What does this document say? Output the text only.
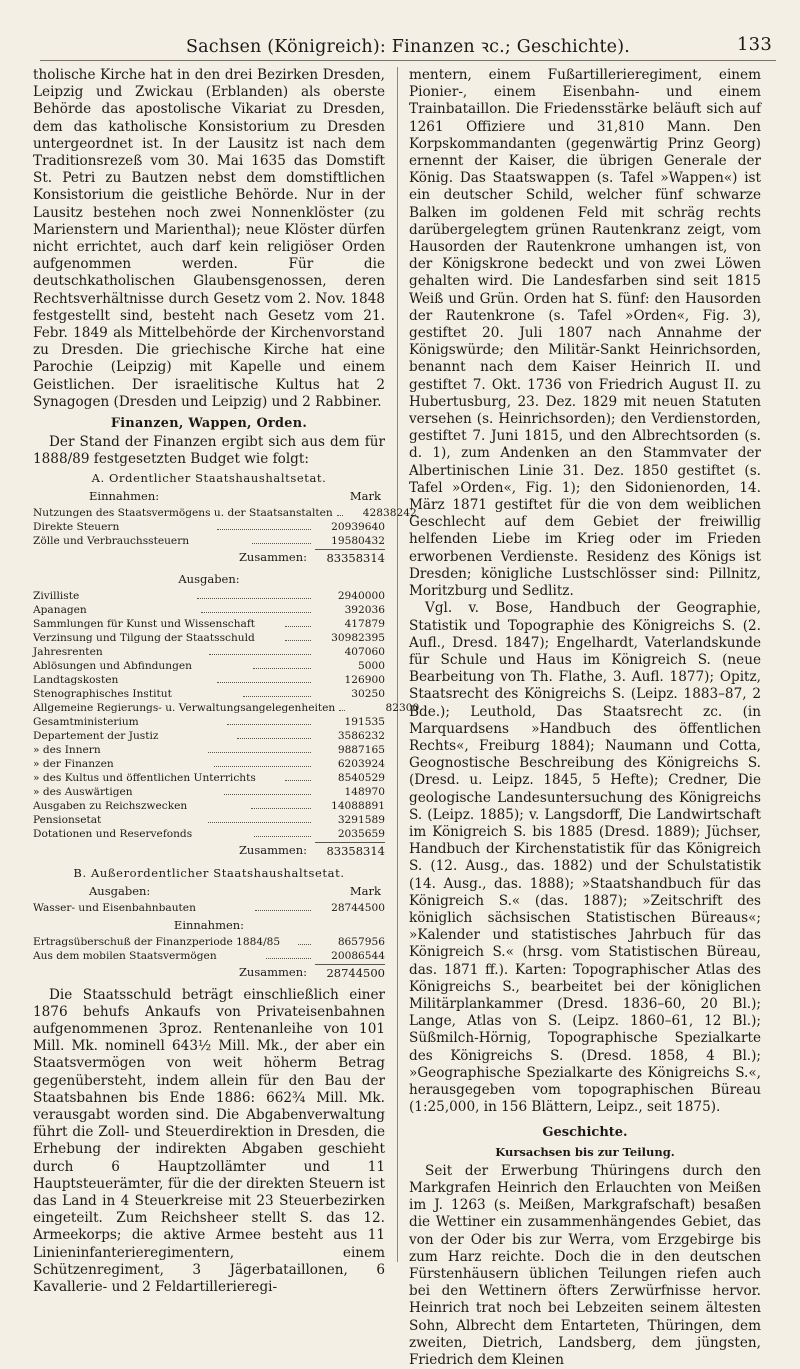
Sachsen (Königreich): Finanzen ꝛc.; Geschichte).	133

tholische Kirche hat in den drei Bezirken Dresden, Leipzig und Zwickau (Erblanden) als oberste Behörde das apostolische Vikariat zu Dresden, dem das katholische Konsistorium zu Dresden untergeordnet ist. In der Lausitz ist nach dem Traditionsrezeß vom 30. Mai 1635 das Domstift St. Petri zu Bautzen nebst dem domstiftlichen Konsistorium die geistliche Behörde. Nur in der Lausitz bestehen noch zwei Nonnenklöster (zu Marienstern und Marienthal); neue Klöster dürfen nicht errichtet, auch darf kein religiöser Orden aufgenommen werden. Für die deutschkatholischen Glaubensgenossen, deren Rechtsverhältnisse durch Gesetz vom 2. Nov. 1848 festgestellt sind, besteht nach Gesetz vom 21. Febr. 1849 als Mittelbehörde der Kirchenvorstand zu Dresden. Die griechische Kirche hat eine Parochie (Leipzig) mit Kapelle und einem Geistlichen. Der israelitische Kultus hat 2 Synagogen (Dresden und Leipzig) und 2 Rabbiner.

Finanzen, Wappen, Orden.

Der Stand der Finanzen ergibt sich aus dem für 1888/89 festgesetzten Budget wie folgt:

A. Ordentlicher Staatshaushaltsetat.
Einnahmen:	Mark
Nutzungen des Staatsvermögens u. der Staatsanstalten	42838242
Direkte Steuern	20939640
Zölle und Verbrauchssteuern	19580432
Zusammen:	83358314
Ausgaben:
Zivilliste	2940000
Apanagen	392036
Sammlungen für Kunst und Wissenschaft	417879
Verzinsung und Tilgung der Staatsschuld	30982395
Jahresrenten	407060
Ablösungen und Abfindungen	5000
Landtagskosten	126900
Stenographisches Institut	30250
Allgemeine Regierungs- u. Verwaltungsangelegenheiten	82300
Gesamtministerium	191535
Departement der Justiz	3586232
» des Innern	9887165
» der Finanzen	6203924
» des Kultus und öffentlichen Unterrichts	8540529
» des Auswärtigen	148970
Ausgaben zu Reichszwecken	14088891
Pensionsetat	3291589
Dotationen und Reservefonds	2035659
Zusammen:	83358314
B. Außerordentlicher Staatshaushaltsetat.
Ausgaben:	Mark
Wasser- und Eisenbahnbauten	28744500
Einnahmen:
Ertragsüberschuß der Finanzperiode 1884/85	8657956
Aus dem mobilen Staatsvermögen	20086544
Zusammen:	28744500

Die Staatsschuld beträgt einschließlich einer 1876 behufs Ankaufs von Privateisenbahnen aufgenommenen 3proz. Rentenanleihe von 101 Mill. Mk. nominell 643½ Mill. Mk., der aber ein Staatsvermögen von weit höherm Betrag gegenübersteht, indem allein für den Bau der Staatsbahnen bis Ende 1886: 662¾ Mill. Mk. verausgabt worden sind. Die Abgabenverwaltung führt die Zoll- und Steuerdirektion in Dresden, die Erhebung der indirekten Abgaben geschieht durch 6 Hauptzollämter und 11 Hauptsteuerämter, für die der direkten Steuern ist das Land in 4 Steuerkreise mit 23 Steuerbezirken eingeteilt. Zum Reichsheer stellt S. das 12. Armeekorps; die aktive Armee besteht aus 11 Linieninfanterieregimentern, einem Schützenregiment, 3 Jägerbataillonen, 6 Kavallerie- und 2 Feldartillerieregi-

mentern, einem Fußartillerieregiment, einem Pionier-, einem Eisenbahn- und einem Trainbataillon. Die Friedensstärke beläuft sich auf 1261 Offiziere und 31,810 Mann. Den Korpskommandanten (gegenwärtig Prinz Georg) ernennt der Kaiser, die übrigen Generale der König. Das Staatswappen (s. Tafel »Wappen«) ist ein deutscher Schild, welcher fünf schwarze Balken im goldenen Feld mit schräg rechts darübergelegtem grünen Rautenkranz zeigt, vom Hausorden der Rautenkrone umhangen ist, von der Königskrone bedeckt und von zwei Löwen gehalten wird. Die Landesfarben sind seit 1815 Weiß und Grün. Orden hat S. fünf: den Hausorden der Rautenkrone (s. Tafel »Orden«, Fig. 3), gestiftet 20. Juli 1807 nach Annahme der Königswürde; den Militär-Sankt Heinrichsorden, benannt nach dem Kaiser Heinrich II. und gestiftet 7. Okt. 1736 von Friedrich August II. zu Hubertusburg, 23. Dez. 1829 mit neuen Statuten versehen (s. Heinrichsorden); den Verdienstorden, gestiftet 7. Juni 1815, und den Albrechtsorden (s. d. 1), zum Andenken an den Stammvater der Albertinischen Linie 31. Dez. 1850 gestiftet (s. Tafel »Orden«, Fig. 1); den Sidonienorden, 14. März 1871 gestiftet für die von dem weiblichen Geschlecht auf dem Gebiet der freiwillig helfenden Liebe im Krieg oder im Frieden erworbenen Verdienste. Residenz des Königs ist Dresden; königliche Lustschlösser sind: Pillnitz, Moritzburg und Sedlitz.

Vgl. v. Bose, Handbuch der Geographie, Statistik und Topographie des Königreichs S. (2. Aufl., Dresd. 1847); Engelhardt, Vaterlandskunde für Schule und Haus im Königreich S. (neue Bearbeitung von Th. Flathe, 3. Aufl. 1877); Opitz, Staatsrecht des Königreichs S. (Leipz. 1883–87, 2 Bde.); Leuthold, Das Staatsrecht zc. (in Marquardsens »Handbuch des öffentlichen Rechts«, Freiburg 1884); Naumann und Cotta, Geognostische Beschreibung des Königreichs S. (Dresd. u. Leipz. 1845, 5 Hefte); Credner, Die geologische Landesuntersuchung des Königreichs S. (Leipz. 1885); v. Langsdorff, Die Landwirtschaft im Königreich S. bis 1885 (Dresd. 1889); Jüchser, Handbuch der Kirchenstatistik für das Königreich S. (12. Ausg., das. 1882) und der Schulstatistik (14. Ausg., das. 1888); »Staatshandbuch für das Königreich S.« (das. 1887); »Zeitschrift des königlich sächsischen Statistischen Büreaus«; »Kalender und statistisches Jahrbuch für das Königreich S.« (hrsg. vom Statistischen Büreau, das. 1871 ff.). Karten: Topographischer Atlas des Königreichs S., bearbeitet bei der königlichen Militärplankammer (Dresd. 1836–60, 20 Bl.); Lange, Atlas von S. (Leipz. 1860–61, 12 Bl.); Süßmilch-Hörnig, Topographische Spezialkarte des Königreichs S. (Dresd. 1858, 4 Bl.); »Geographische Spezialkarte des Königreichs S.«, herausgegeben vom topographischen Büreau (1:25,000, in 156 Blättern, Leipz., seit 1875).

Geschichte.
Kursachsen bis zur Teilung.

Seit der Erwerbung Thüringens durch den Markgrafen Heinrich den Erlauchten von Meißen im J. 1263 (s. Meißen, Markgrafschaft) besaßen die Wettiner ein zusammenhängendes Gebiet, das von der Oder bis zur Werra, vom Erzgebirge bis zum Harz reichte. Doch die in den deutschen Fürstenhäusern üblichen Teilungen riefen auch bei den Wettinern öfters Zerwürfnisse hervor. Heinrich trat noch bei Lebzeiten seinem ältesten Sohn, Albrecht dem Entarteten, Thüringen, dem zweiten, Dietrich, Landsberg, dem jüngsten, Friedrich dem Kleinen
